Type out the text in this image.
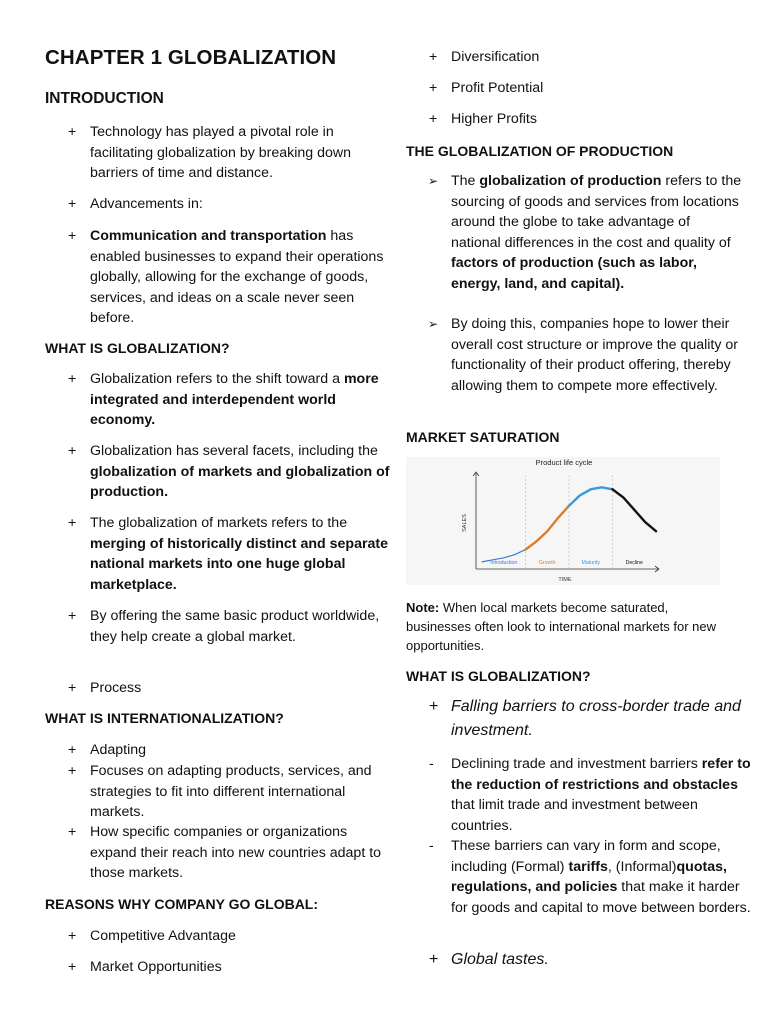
CHAPTER 1 GLOBALIZATION
INTRODUCTION
+ Technology has played a pivotal role in facilitating globalization by breaking down barriers of time and distance.
+ Advancements in:
+ Communication and transportation has enabled businesses to expand their operations globally, allowing for the exchange of goods, services, and ideas on a scale never seen before.
WHAT IS GLOBALIZATION?
+ Globalization refers to the shift toward a more integrated and interdependent world economy.
+ Globalization has several facets, including the globalization of markets and globalization of production.
+ The globalization of markets refers to the merging of historically distinct and separate national markets into one huge global marketplace.
+ By offering the same basic product worldwide, they help create a global market.
+ Process
WHAT IS INTERNATIONALIZATION?
+ Adapting
+ Focuses on adapting products, services, and strategies to fit into different international markets.
+ How specific companies or organizations expand their reach into new countries adapt to those markets.
REASONS WHY COMPANY GO GLOBAL:
+ Competitive Advantage
+ Market Opportunities
+ Diversification
+ Profit Potential
+ Higher Profits
THE GLOBALIZATION OF PRODUCTION
➢ The globalization of production refers to the sourcing of goods and services from locations around the globe to take advantage of national differences in the cost and quality of factors of production (such as labor, energy, land, and capital).
➢ By doing this, companies hope to lower their overall cost structure or improve the quality or functionality of their product offering, thereby allowing them to compete more effectively.
MARKET SATURATION
Product life cycle
SALES
TIME
Introduction	Growth	Maturity	Decline
Note: When local markets become saturated, businesses often look to international markets for new opportunities.
WHAT IS GLOBALIZATION?
+ Falling barriers to cross-border trade and investment.
- Declining trade and investment barriers refer to the reduction of restrictions and obstacles that limit trade and investment between countries.
- These barriers can vary in form and scope, including (Formal) tariffs, (Informal)quotas, regulations, and policies that make it harder for goods and capital to move between borders.
+ Global tastes.
